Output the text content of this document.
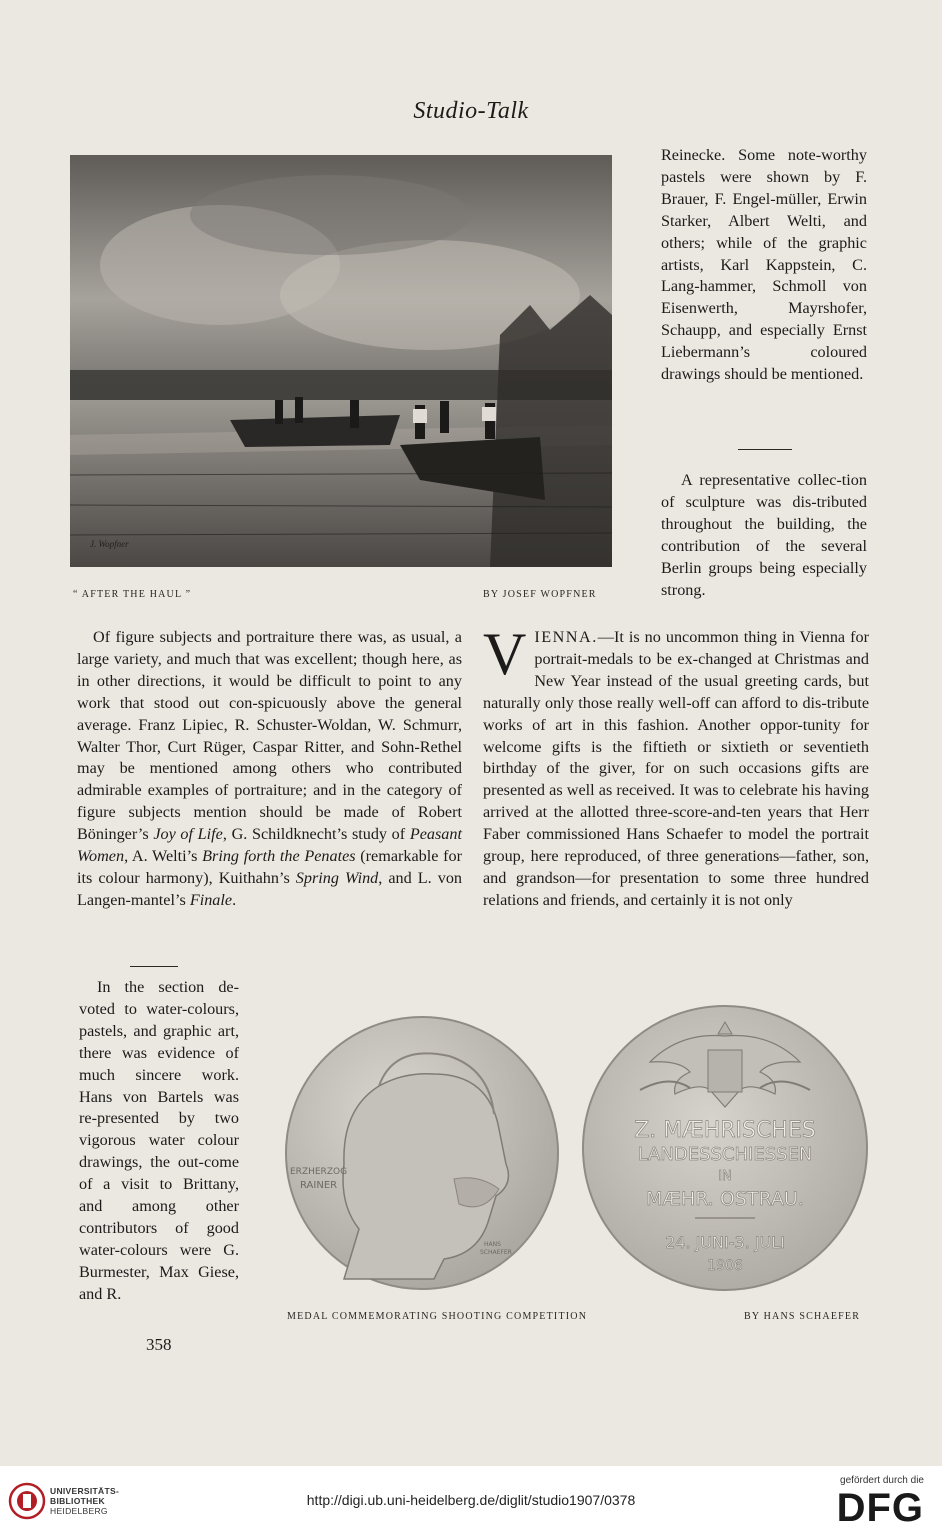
Studio-Talk
J. Wopfner
“ AFTER THE HAUL ”	BY JOSEF WOPFNER

Reinecke. Some note-worthy pastels were shown by F. Brauer, F. Engel-müller, Erwin Starker, Albert Welti, and others; while of the graphic artists, Karl Kappstein, C. Lang-hammer, Schmoll von Eisenwerth, Mayrshofer, Schaupp, and especially Ernst Liebermann’s coloured drawings should be mentioned.

A representative collec-tion of sculpture was dis-tributed throughout the building, the contribution of the several Berlin groups being especially strong.

Of figure subjects and portraiture there was, as usual, a large variety, and much that was excellent; though here, as in other directions, it would be difficult to point to any work that stood out con-spicuously above the general average. Franz Lipiec, R. Schuster-Woldan, W. Schmurr, Walter Thor, Curt Rüger, Caspar Ritter, and Sohn-Rethel may be mentioned among others who contributed admirable examples of portraiture; and in the category of figure subjects mention should be made of Robert Böninger’s Joy of Life, G. Schildknecht’s study of Peasant Women, A. Welti’s Bring forth the Penates (remarkable for its colour harmony), Kuithahn’s Spring Wind, and L. von Langen-mantel’s Finale.

In the section de-voted to water-colours, pastels, and graphic art, there was evidence of much sincere work. Hans von Bartels was re-presented by two vigorous water colour drawings, the out-come of a visit to Brittany, and among other contributors of good water-colours were G. Burmester, Max Giese, and R.

VIENNA.—It is no uncommon thing in Vienna for portrait-medals to be ex-changed at Christmas and New Year instead of the usual greeting cards, but naturally only those really well-off can afford to dis-tribute works of art in this fashion. Another oppor-tunity for welcome gifts is the fiftieth or sixtieth or seventieth birthday of the giver, for on such occasions gifts are presented as well as received. It was to celebrate his having arrived at the allotted three-score-and-ten years that Herr Faber commissioned Hans Schaefer to model the portrait group, here reproduced, of three generations—father, son, and grandson—for presentation to some three hundred relations and friends, and certainly it is not only
ERZHERZOG
RAINER
HANS
SCHAEFER
Z. MÆHRISCHES
LANDESSCHIESSEN
IN
MÆHR. OSTRAU.
24. JUNI-3. JULI
1906
MEDAL COMMEMORATING SHOOTING COMPETITION	BY HANS SCHAEFER
358
UNIVERSITÄTS-
BIBLIOTHEK
HEIDELBERG
http://digi.ub.uni-heidelberg.de/diglit/studio1907/0378
gefördert durch die
DFG
